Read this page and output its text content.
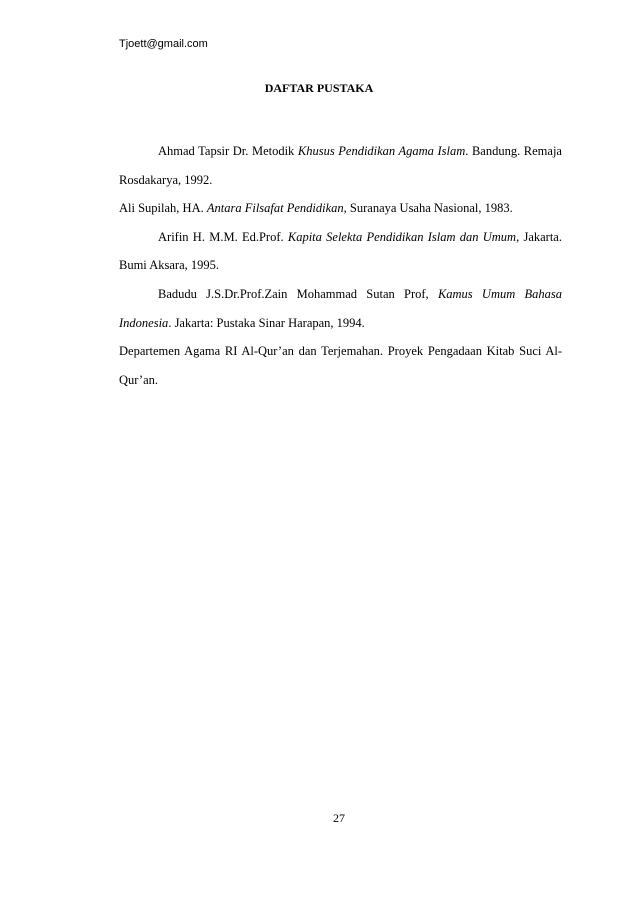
Tjoett@gmail.com
DAFTAR PUSTAKA

Ahmad Tapsir Dr. Metodik Khusus Pendidikan Agama Islam. Bandung. Remaja Rosdakarya, 1992.

Ali Supilah, HA. Antara Filsafat Pendidikan, Suranaya Usaha Nasional, 1983.

Arifin H. M.M. Ed.Prof. Kapita Selekta Pendidikan Islam dan Umum, Jakarta. Bumi Aksara, 1995.

Badudu J.S.Dr.Prof.Zain Mohammad Sutan Prof, Kamus Umum Bahasa Indonesia. Jakarta: Pustaka Sinar Harapan, 1994.

Departemen Agama RI Al-Qur’an dan Terjemahan. Proyek Pengadaan Kitab Suci Al-Qur’an.

27
